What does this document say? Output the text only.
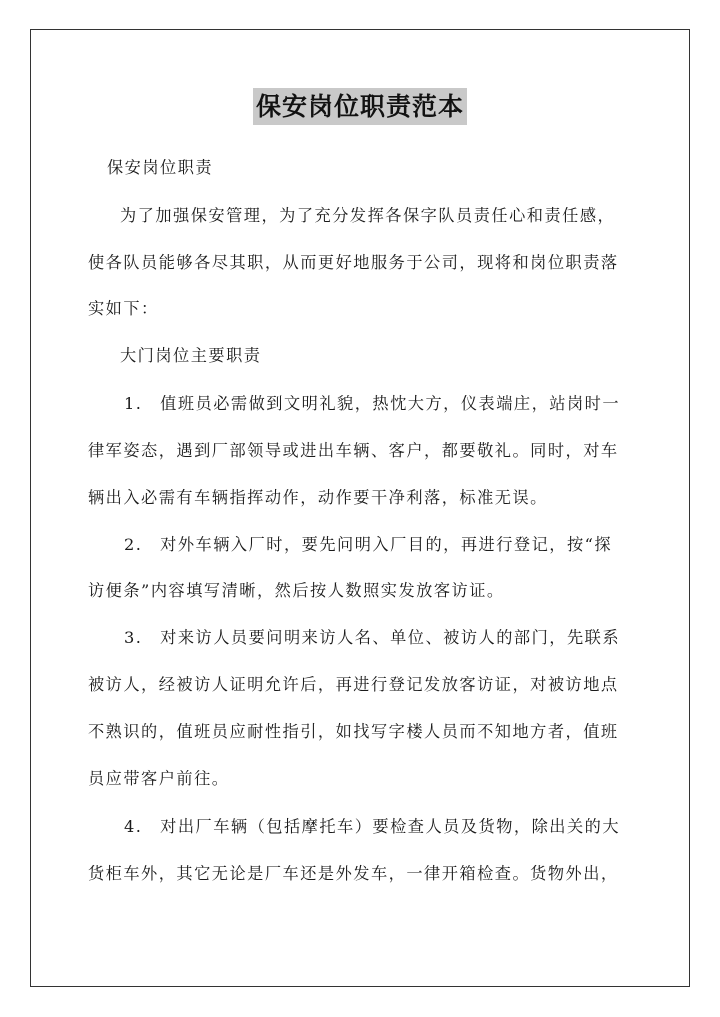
保安岗位职责范本
保安岗位职责
为了加强保安管理，为了充分发挥各保字队员责任心和责任感，
使各队员能够各尽其职，从而更好地服务于公司，现将和岗位职责落
实如下：
大门岗位主要职责
1.　值班员必需做到文明礼貌，热忱大方，仪表端庄，站岗时一
律军姿态，遇到厂部领导或进出车辆、客户，都要敬礼。同时，对车
辆出入必需有车辆指挥动作，动作要干净利落，标准无误。
2.　对外车辆入厂时，要先问明入厂目的，再进行登记，按“探
访便条”内容填写清晰，然后按人数照实发放客访证。
3.　对来访人员要问明来访人名、单位、被访人的部门，先联系
被访人，经被访人证明允许后，再进行登记发放客访证，对被访地点
不熟识的，值班员应耐性指引，如找写字楼人员而不知地方者，值班
员应带客户前往。
4.　对出厂车辆（包括摩托车）要检查人员及货物，除出关的大
货柜车外，其它无论是厂车还是外发车，一律开箱检查。货物外出，
